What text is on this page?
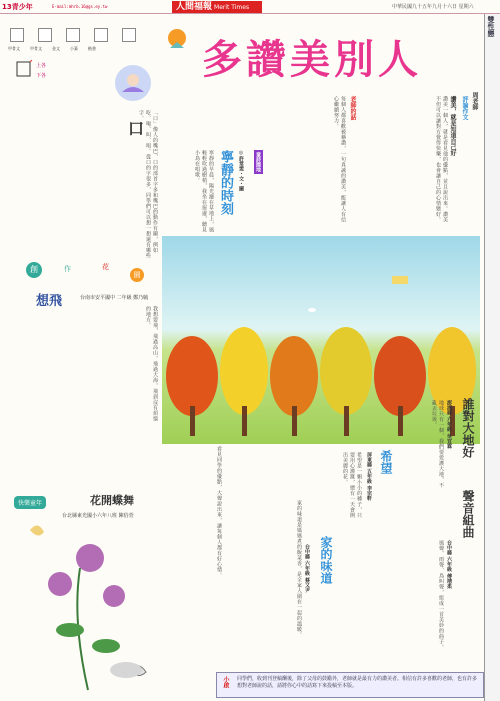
13青少年	E-mail:mhrb.16@gs.ey.tw	人間福報 Merit Times	中華民國九十五年九月十六日 星期六
雙性戀
甲骨文	甲骨文	金文	小篆	楷書
上各
下各	多讚美別人
周老師
評論作文
讚美，就是知道自己好
讚美一個人，就是看見他的優點，並且說出來。讚美不但可以讓對方覺得快樂，也會讓自己的心情變好。
老師的話
每個人都喜歡被稱讚，一句真誠的讚美，能讓人有信心繼續努力。
童詩園地
◎許常雯・文・圖
寧靜的時刻
寧靜的早晨，陽光灑在草地上，風輕輕吹過樹梢，我坐在窗邊，聽見小鳥在唱歌。
口	「口」像人的嘴巴，口的部首字多和嘴巴的動作有關，例如吃、喝、叫、唱。從口的字很多，同學們可以想一想還有哪些字。
創	作	花
園
想飛	台南市安平國中 二年級 鄭乃毓
我想要飛，飛過高山，飛過大海，飛到沒有煩惱的地方。
希望
屏東縣 五年級 李宗軒
希望是一顆小小的種子，只要用心灌溉，總有一天會開出美麗的花。
誰對大地好
澎湖縣 六年級 吳宜霖
地球只有一個，我們要愛護大地，不亂丟垃圾。
聲音組曲
台中縣 六年級 傅靖柔
風聲、雨聲、鳥叫聲，組成一首美妙的曲子。
家的味道
台中縣 六年級 蔡又尹
家的味道是媽媽煮的飯菜香，是全家人圍在一起的溫暖。
看見同學的優點，大聲說出來，讓每個人都有好心情。
快樂童年	花開蝶舞
台北縣東光國小六年八班 陳俗萱
小啟 同學們，收到刊登稿酬後，除了父母的鼓勵外，老師就是最有力的讚美者。相信有許多喜歡的老師，也有許多想對老師說的話，請將你心中的話寫下來投稿至本版。
